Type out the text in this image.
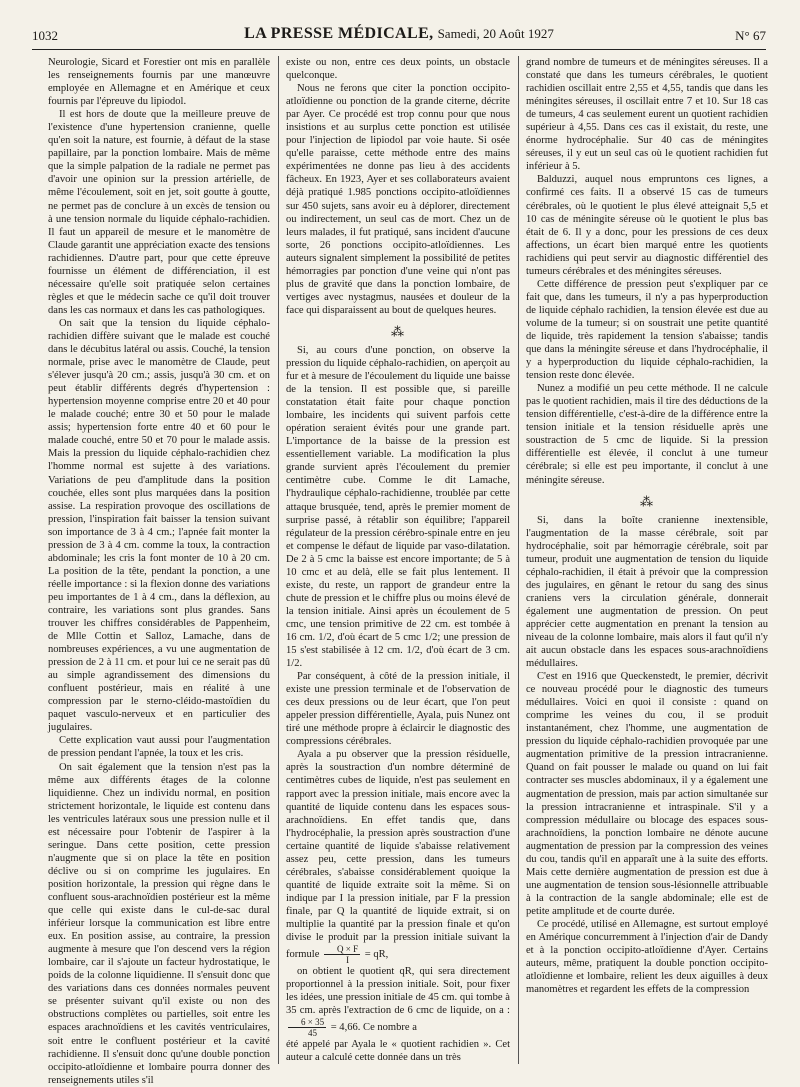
1032	LA PRESSE MÉDICALE, Samedi, 20 Août 1927	N° 67

Neurologie, Sicard et Forestier ont mis en parallèle les renseignements fournis par une manœuvre employée en Allemagne et en Amérique et ceux fournis par l'épreuve du lipiodol.

Il est hors de doute que la meilleure preuve de l'existence d'une hypertension cranienne, quelle qu'en soit la nature, est fournie, à défaut de la stase papillaire, par la ponction lombaire. Mais de même que la simple palpation de la radiale ne permet pas d'avoir une opinion sur la pression artérielle, de même l'écoulement, soit en jet, soit goutte à goutte, ne permet pas de conclure à un excès de tension ou à une tension normale du liquide céphalo-rachidien. Il faut un appareil de mesure et le manomètre de Claude garantit une appréciation exacte des tensions rachidiennes. D'autre part, pour que cette épreuve fournisse un élément de différenciation, il est nécessaire qu'elle soit pratiquée selon certaines règles et que le médecin sache ce qu'il doit trouver dans les cas normaux et dans les cas pathologiques.

On sait que la tension du liquide céphalo-rachidien diffère suivant que le malade est couché dans le décubitus latéral ou assis. Couché, la tension normale, prise avec le manomètre de Claude, peut s'élever jusqu'à 20 cm.; assis, jusqu'à 30 cm. et on peut établir différents degrés d'hypertension : hypertension moyenne comprise entre 20 et 40 pour le malade couché; entre 30 et 50 pour le malade assis; hypertension forte entre 40 et 60 pour le malade couché, entre 50 et 70 pour le malade assis. Mais la pression du liquide céphalo-rachidien chez l'homme normal est sujette à des variations. Variations de peu d'amplitude dans la position couchée, elles sont plus marquées dans la position assise. La respiration provoque des oscillations de pression, l'inspiration fait baisser la tension suivant son importance de 3 à 4 cm.; l'apnée fait monter la pression de 3 à 4 cm. comme la toux, la contraction abdominale; les cris la font monter de 10 à 20 cm. La position de la tête, pendant la ponction, a une réelle importance : si la flexion donne des variations peu importantes de 1 à 4 cm., dans la déflexion, au contraire, les variations sont plus grandes. Sans trouver les chiffres considérables de Pappenheim, de Mlle Cottin et Salloz, Lamache, dans de nombreuses expériences, a vu une augmentation de pression de 2 à 11 cm. et pour lui ce ne serait pas dû au simple agrandissement des dimensions du confluent postérieur, mais en réalité à une compression par le sterno-cléido-mastoïdien du paquet vasculo-nerveux et en particulier des jugulaires.

Cette explication vaut aussi pour l'augmentation de pression pendant l'apnée, la toux et les cris.

On sait également que la tension n'est pas la même aux différents étages de la colonne liquidienne. Chez un individu normal, en position strictement horizontale, le liquide est contenu dans les ventricules latéraux sous une pression nulle et il est nécessaire pour l'obtenir de l'aspirer à la seringue. Dans cette position, cette pression n'augmente que si on place la tête en position déclive ou si on comprime les jugulaires. En position horizontale, la pression qui règne dans le confluent sous-arachnoïdien postérieur est la même que celle qui existe dans le cul-de-sac dural inférieur lorsque la communication est libre entre eux. En position assise, au contraire, la pression augmente à mesure que l'on descend vers la région lombaire, car il s'ajoute un facteur hydrostatique, le poids de la colonne liquidienne. Il s'ensuit donc que des variations dans ces données normales peuvent se présenter suivant qu'il existe ou non des obstructions complètes ou partielles, soit entre les espaces arachnoïdiens et les cavités ventriculaires, soit entre le confluent postérieur et la cavité rachidienne. Il s'ensuit donc qu'une double ponction occipito-atloïdienne et lombaire pourra donner des renseignements utiles s'il

existe ou non, entre ces deux points, un obstacle quelconque.

Nous ne ferons que citer la ponction occipito-atloïdienne ou ponction de la grande citerne, décrite par Ayer. Ce procédé est trop connu pour que nous insistions et au surplus cette ponction est utilisée pour l'injection de lipiodol par voie haute. Si osée qu'elle paraisse, cette méthode entre des mains expérimentées ne donne pas lieu à des accidents fâcheux. En 1923, Ayer et ses collaborateurs avaient déjà pratiqué 1.985 ponctions occipito-atloïdiennes sur 450 sujets, sans avoir eu à déplorer, directement ou indirectement, un seul cas de mort. Chez un de leurs malades, il fut pratiqué, sans incident d'aucune sorte, 26 ponctions occipito-atloïdiennes. Les auteurs signalent simplement la possibilité de petites hémorragies par ponction d'une veine qui n'ont pas plus de gravité que dans la ponction lombaire, de vertiges avec nystagmus, nausées et douleur de la face qui disparaissent au bout de quelques heures.

⁂

Si, au cours d'une ponction, on observe la pression du liquide céphalo-rachidien, on aperçoit au fur et à mesure de l'écoulement du liquide une baisse de la tension. Il est possible que, si pareille constatation était faite pour chaque ponction lombaire, les incidents qui suivent parfois cette opération seraient évités pour une grande part. L'importance de la baisse de la pression est essentiellement variable. La modification la plus grande survient après l'écoulement du premier centimètre cube. Comme le dit Lamache, l'hydraulique céphalo-rachidienne, troublée par cette attaque brusquée, tend, après le premier moment de surprise passé, à rétablir son équilibre; l'appareil régulateur de la pression cérébro-spinale entre en jeu et compense le défaut de liquide par vaso-dilatation. De 2 à 5 cmc la baisse est encore importante; de 5 à 10 cmc et au delà, elle se fait plus lentement. Il existe, du reste, un rapport de grandeur entre la chute de pression et le chiffre plus ou moins élevé de la tension initiale. Ainsi après un écoulement de 5 cmc, une tension primitive de 22 cm. est tombée à 16 cm. 1/2, d'où écart de 5 cmc 1/2; une pression de 15 s'est stabilisée à 12 cm. 1/2, d'où écart de 3 cm. 1/2.

Par conséquent, à côté de la pression initiale, il existe une pression terminale et de l'observation de ces deux pressions ou de leur écart, que l'on peut appeler pression différentielle, Ayala, puis Nunez ont tiré une méthode propre à éclaircir le diagnostic des compressions cérébrales.

Ayala a pu observer que la pression résiduelle, après la soustraction d'un nombre déterminé de centimètres cubes de liquide, n'est pas seulement en rapport avec la pression initiale, mais encore avec la quantité de liquide contenu dans les espaces sous-arachnoïdiens. En effet tandis que, dans l'hydrocéphalie, la pression après soustraction d'une certaine quantité de liquide s'abaisse relativement assez peu, cette pression, dans les tumeurs cérébrales, s'abaisse considérablement quoique la quantité de liquide extraite soit la même. Si on indique par I la pression initiale, par F la pression finale, par Q la quantité de liquide extrait, si on multiplie la quantité par la pression finale et qu'on divise le produit par la pression initiale suivant la formule $\frac{Q \times F}{I}$ = qR,

on obtient le quotient qR, qui sera directement proportionnel à la pression initiale. Soit, pour fixer les idées, une pression initiale de 45 cm. qui tombe à 35 cm. après l'extraction de 6 cmc de liquide, on a :
$\frac{6 \times 35}{45} = 4,66$. Ce nombre a

été appelé par Ayala le « quotient rachidien ». Cet auteur a calculé cette donnée dans un très

grand nombre de tumeurs et de méningites séreuses. Il a constaté que dans les tumeurs cérébrales, le quotient rachidien oscillait entre 2,55 et 4,55, tandis que dans les méningites séreuses, il oscillait entre 7 et 10. Sur 18 cas de tumeurs, 4 cas seulement eurent un quotient rachidien supérieur à 4,55. Dans ces cas il existait, du reste, une énorme hydrocéphalie. Sur 40 cas de méningites séreuses, il y eut un seul cas où le quotient rachidien fut inférieur à 5.

Balduzzi, auquel nous empruntons ces lignes, a confirmé ces faits. Il a observé 15 cas de tumeurs cérébrales, où le quotient le plus élevé atteignait 5,5 et 10 cas de méningite séreuse où le quotient le plus bas était de 6. Il y a donc, pour les pressions de ces deux affections, un écart bien marqué entre les quotients rachidiens qui peut servir au diagnostic différentiel des tumeurs cérébrales et des méningites séreuses.

Cette différence de pression peut s'expliquer par ce fait que, dans les tumeurs, il n'y a pas hyperproduction de liquide céphalo rachidien, la tension élevée est due au volume de la tumeur; si on soustrait une petite quantité de liquide, très rapidement la tension s'abaisse; tandis que dans la méningite séreuse et dans l'hydrocéphalie, il y a hyperproduction du liquide céphalo-rachidien, la tension reste donc élevée.

Nunez a modifié un peu cette méthode. Il ne calcule pas le quotient rachidien, mais il tire des déductions de la tension différentielle, c'est-à-dire de la différence entre la tension initiale et la tension résiduelle après une soustraction de 5 cmc de liquide. Si la pression différentielle est élevée, il conclut à une tumeur cérébrale; si elle est peu importante, il conclut à une méningite séreuse.

⁂

Si, dans la boîte cranienne inextensible, l'augmentation de la masse cérébrale, soit par hydrocéphalie, soit par hémorragie cérébrale, soit par tumeur, produit une augmentation de tension du liquide céphalo-rachidien, il était à prévoir que la compression des jugulaires, en gênant le retour du sang des sinus craniens vers la circulation générale, donnerait également une augmentation de pression. On peut apprécier cette augmentation en prenant la tension au niveau de la colonne lombaire, mais alors il faut qu'il n'y ait aucun obstacle dans les espaces sous-arachnoïdiens médullaires.

C'est en 1916 que Queckenstedt, le premier, décrivit ce nouveau procédé pour le diagnostic des tumeurs médullaires. Voici en quoi il consiste : quand on comprime les veines du cou, il se produit instantanément, chez l'homme, une augmentation de pression du liquide céphalo-rachidien provoquée par une augmentation primitive de la pression intracranienne. Quand on fait pousser le malade ou quand on lui fait contracter ses muscles abdominaux, il y a également une augmentation de pression, mais par action simultanée sur la pression intracranienne et intraspinale. S'il y a compression médullaire ou blocage des espaces sous-arachnoïdiens, la ponction lombaire ne dénote aucune augmentation de pression par la compression des veines du cou, tandis qu'il en apparaît une à la suite des efforts. Mais cette dernière augmentation de pression est due à une augmentation de tension sous-lésionnelle attribuable à la contraction de la sangle abdominale; elle est de petite amplitude et de courte durée.

Ce procédé, utilisé en Allemagne, est surtout employé en Amérique concurremment à l'injection d'air de Dandy et à la ponction occipito-atloïdienne d'Ayer. Certains auteurs, même, pratiquent la double ponction occipito-atloïdienne et lombaire, relient les deux aiguilles à deux manomètres et regardent les effets de la compression
